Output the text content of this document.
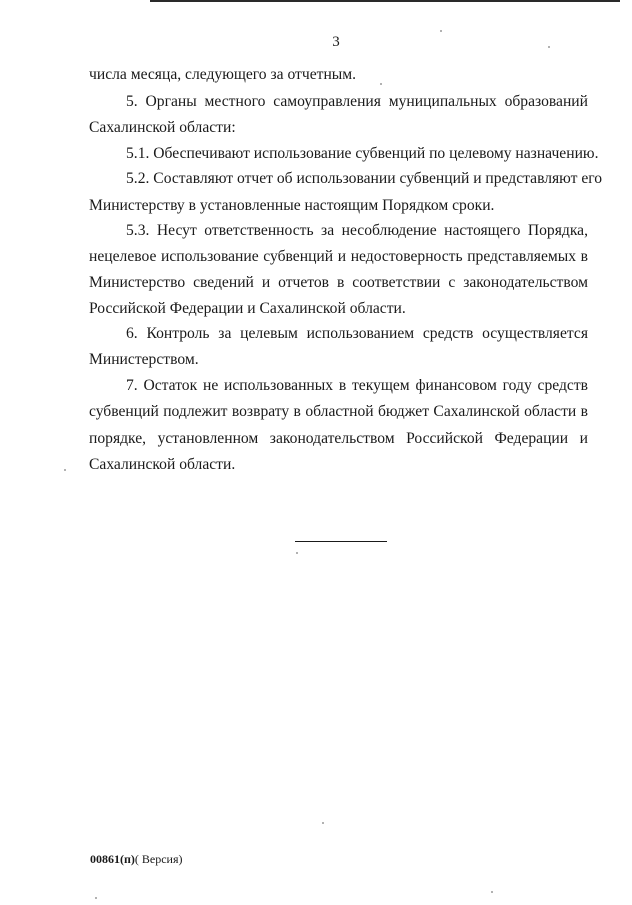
3
числа месяца, следующего за отчетным.
5. Органы местного самоуправления муниципальных образований
Сахалинской области:
5.1. Обеспечивают использование субвенций по целевому назначению.
5.2. Составляют отчет об использовании субвенций и представляют его
Министерству в установленные настоящим Порядком сроки.
5.3. Несут ответственность за несоблюдение настоящего Порядка,
нецелевое использование субвенций и недостоверность представляемых в
Министерство сведений и отчетов в соответствии с законодательством
Российской Федерации и Сахалинской области.
6. Контроль за целевым использованием средств осуществляется
Министерством.
7. Остаток не использованных в текущем финансовом году средств
субвенций подлежит возврату в областной бюджет Сахалинской области в
порядке, установленном законодательством Российской Федерации и
Сахалинской области.
00861(п)( Версия)
